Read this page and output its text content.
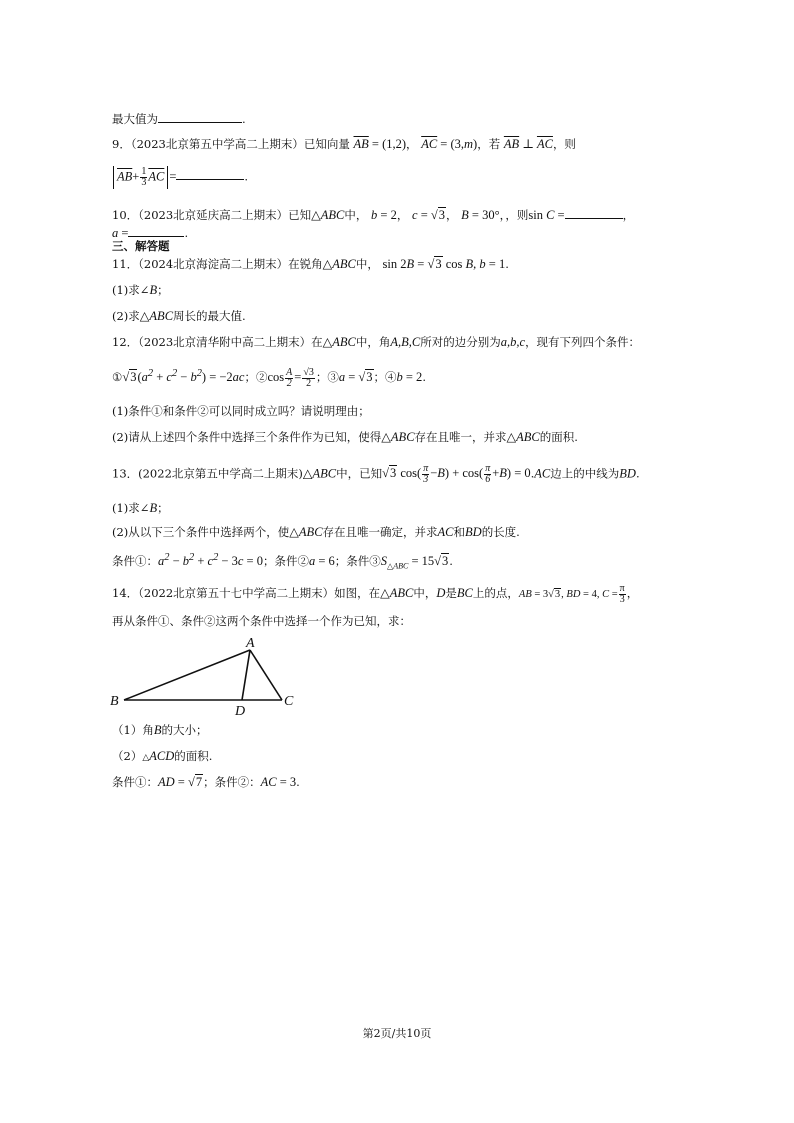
最大值为	.
9．（2023北京第五中学高二上期末）已知向量 $\overline{AB} = (1,2)$， $\overline{AC} = (3,m)$，若 $\overline{AB}$ ⊥ $\overline{AC}$，则
$\overline{AB}+ \frac{1}{3} \overline{AC}$ =	.
10．（2023北京延庆高二上期末）已知△ABC中， b = 2， c = √3， B = 30°，，则sin C =	，
a =	.
三、解答题
11．（2024北京海淀高二上期末）在锐角△ABC中， sin 2B = √3 cos B, b = 1.
(1)求∠B；
(2)求△ABC周长的最大值.
12．（2023北京清华附中高二上期末）在△ABC中，角A,B,C所对的边分别为a,b,c，现有下列四个条件：
$①√3(a^2 + c^2 - b^2) = -2ac$；②cos $\frac{A}{2} = \frac{√3}{2}$ ；③a = √3；④b = 2.
(1)条件①和条件②可以同时成立吗？请说明理由；
(2)请从上述四个条件中选择三个条件作为已知，使得△ABC存在且唯一，并求△ABC的面积.
13．(2022北京第五中学高二上期末)△ABC中，已知√3 $\cos( \frac{\pi}{3} -B) + \cos( \frac{\pi}{6} +B) = 0.AC$边上的中线为BD.
(1)求∠B；
(2)从以下三个条件中选择两个，使△ABC存在且唯一确定，并求AC和BD的长度.
条件①：$a^2 - b^2 + c^2 - 3c = 0$；条件②a = 6；条件$③S_{\triangle ABC} = 15√3$.
14．（2022北京第五十七中学高二上期末）如图，在△ABC中，D是BC上的点，AB = 3√3, BD = 4, $C = \frac{\pi}{3}$ ，
再从条件①、条件②这两个条件中选择一个作为已知，求：
A
B	C
D
（1）角B的大小；
（2）△ACD的面积.
条件①：AD = √7；条件②：AC = 3.
第2页/共10页
